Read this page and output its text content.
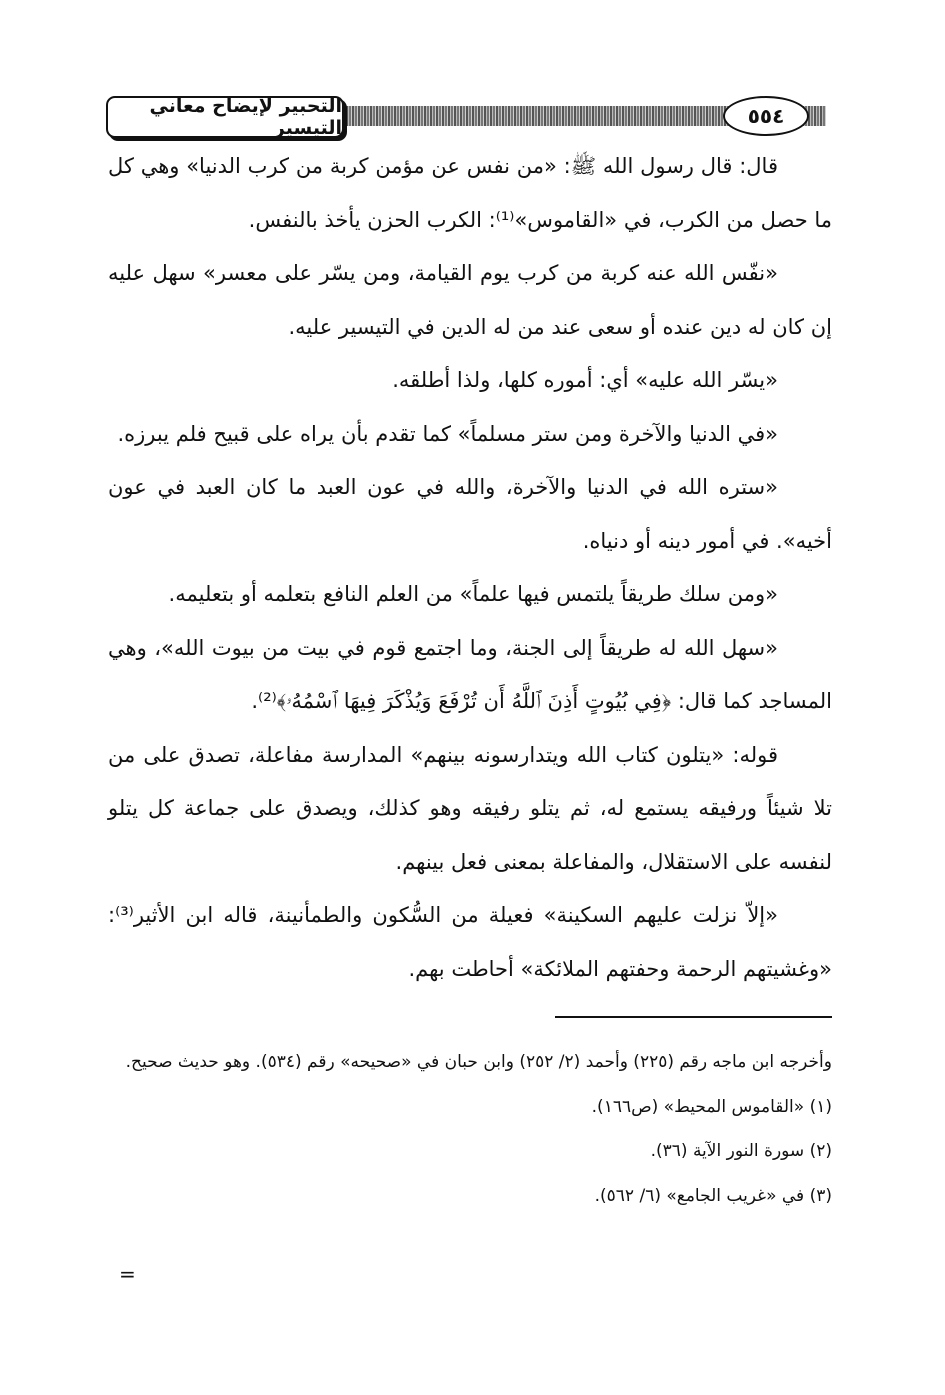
التحبير لإيضاح معاني التيسير	٥٥٤

قال: قال رسول الله ﷺ: «من نفس عن مؤمن كربة من كرب الدنيا» وهي كل ما حصل من الكرب، في «القاموس»⁽¹⁾: الكرب الحزن يأخذ بالنفس.

«نفّس الله عنه كربة من كرب يوم القيامة، ومن يسّر على معسر» سهل عليه إن كان له دين عنده أو سعى عند من له الدين في التيسير عليه.

«يسّر الله عليه» أي: أموره كلها، ولذا أطلقه.

«في الدنيا والآخرة ومن ستر مسلماً» كما تقدم بأن يراه على قبيح فلم يبرزه.

«ستره الله في الدنيا والآخرة، والله في عون العبد ما كان العبد في عون أخيه». في أمور دينه أو دنياه.

«ومن سلك طريقاً يلتمس فيها علماً» من العلم النافع بتعلمه أو بتعليمه.

«سهل الله له طريقاً إلى الجنة، وما اجتمع قوم في بيت من بيوت الله»، وهي المساجد كما قال: ﴿فِي بُيُوتٍ أَذِنَ ٱللَّهُ أَن تُرْفَعَ وَيُذْكَرَ فِيهَا ٱسْمُهُۥ﴾⁽²⁾.

قوله: «يتلون كتاب الله ويتدارسونه بينهم» المدارسة مفاعلة، تصدق على من تلا شيئاً ورفيقه يستمع له، ثم يتلو رفيقه وهو كذلك، ويصدق على جماعة كل يتلو لنفسه على الاستقلال، والمفاعلة بمعنى فعل بينهم.

«إلاّ نزلت عليهم السكينة» فعيلة من السُّكون والطمأنينة، قاله ابن الأثير⁽³⁾: «وغشيتهم الرحمة وحفتهم الملائكة» أحاطت بهم.

وأخرجه ابن ماجه رقم (٢٢٥) وأحمد (٢/ ٢٥٢) وابن حبان في «صحيحه» رقم (٥٣٤). وهو حديث صحيح.

(١) «القاموس المحيط» (ص١٦٦).

(٢) سورة النور الآية (٣٦).

(٣) في «غريب الجامع» (٦/ ٥٦٢).

=
